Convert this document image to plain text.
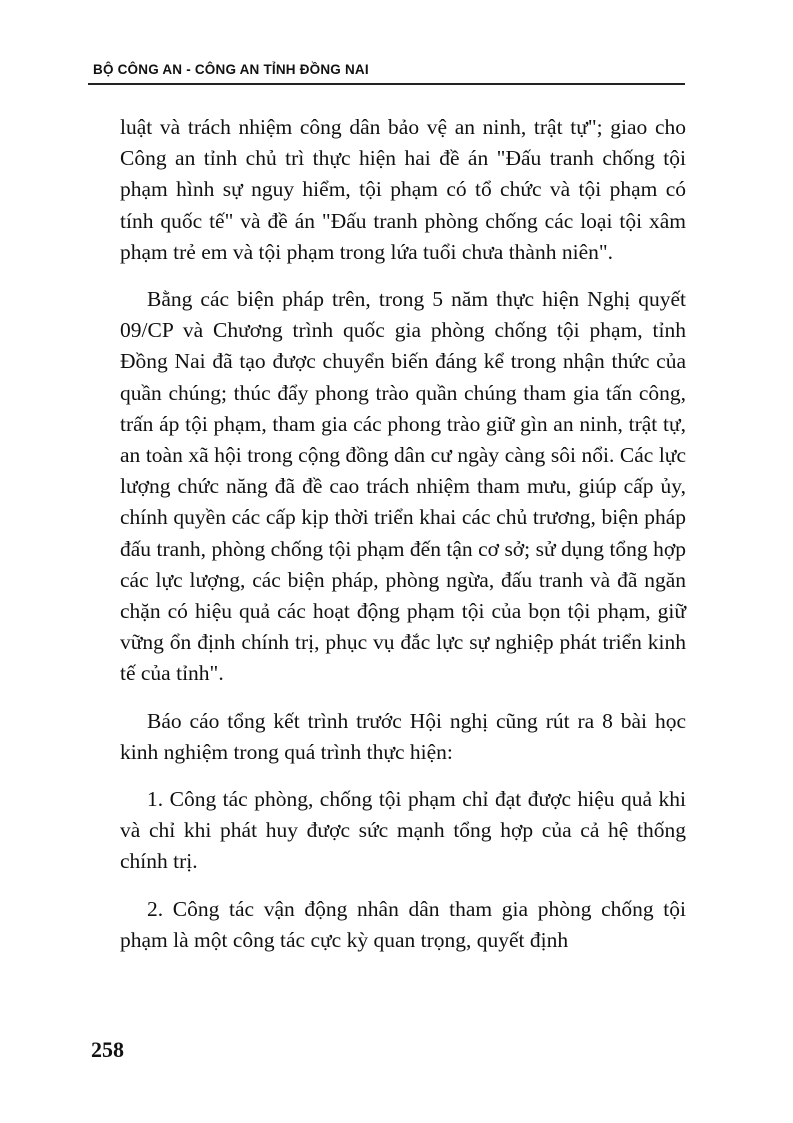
BỘ CÔNG AN - CÔNG AN TỈNH ĐỒNG NAI

luật và trách nhiệm công dân bảo vệ an ninh, trật tự"; giao cho Công an tỉnh chủ trì thực hiện hai đề án "Đấu tranh chống tội phạm hình sự nguy hiểm, tội phạm có tổ chức và tội phạm có tính quốc tế" và đề án "Đấu tranh phòng chống các loại tội xâm phạm trẻ em và tội phạm trong lứa tuổi chưa thành niên".

Bằng các biện pháp trên, trong 5 năm thực hiện Nghị quyết 09/CP và Chương trình quốc gia phòng chống tội phạm, tỉnh Đồng Nai đã tạo được chuyển biến đáng kể trong nhận thức của quần chúng; thúc đẩy phong trào quần chúng tham gia tấn công, trấn áp tội phạm, tham gia các phong trào giữ gìn an ninh, trật tự, an toàn xã hội trong cộng đồng dân cư ngày càng sôi nổi. Các lực lượng chức năng đã đề cao trách nhiệm tham mưu, giúp cấp ủy, chính quyền các cấp kịp thời triển khai các chủ trương, biện pháp đấu tranh, phòng chống tội phạm đến tận cơ sở; sử dụng tổng hợp các lực lượng, các biện pháp, phòng ngừa, đấu tranh và đã ngăn chặn có hiệu quả các hoạt động phạm tội của bọn tội phạm, giữ vững ổn định chính trị, phục vụ đắc lực sự nghiệp phát triển kinh tế của tỉnh".

Báo cáo tổng kết trình trước Hội nghị cũng rút ra 8 bài học kinh nghiệm trong quá trình thực hiện:

1. Công tác phòng, chống tội phạm chỉ đạt được hiệu quả khi và chỉ khi phát huy được sức mạnh tổng hợp của cả hệ thống chính trị.

2. Công tác vận động nhân dân tham gia phòng chống tội phạm là một công tác cực kỳ quan trọng, quyết định

258
